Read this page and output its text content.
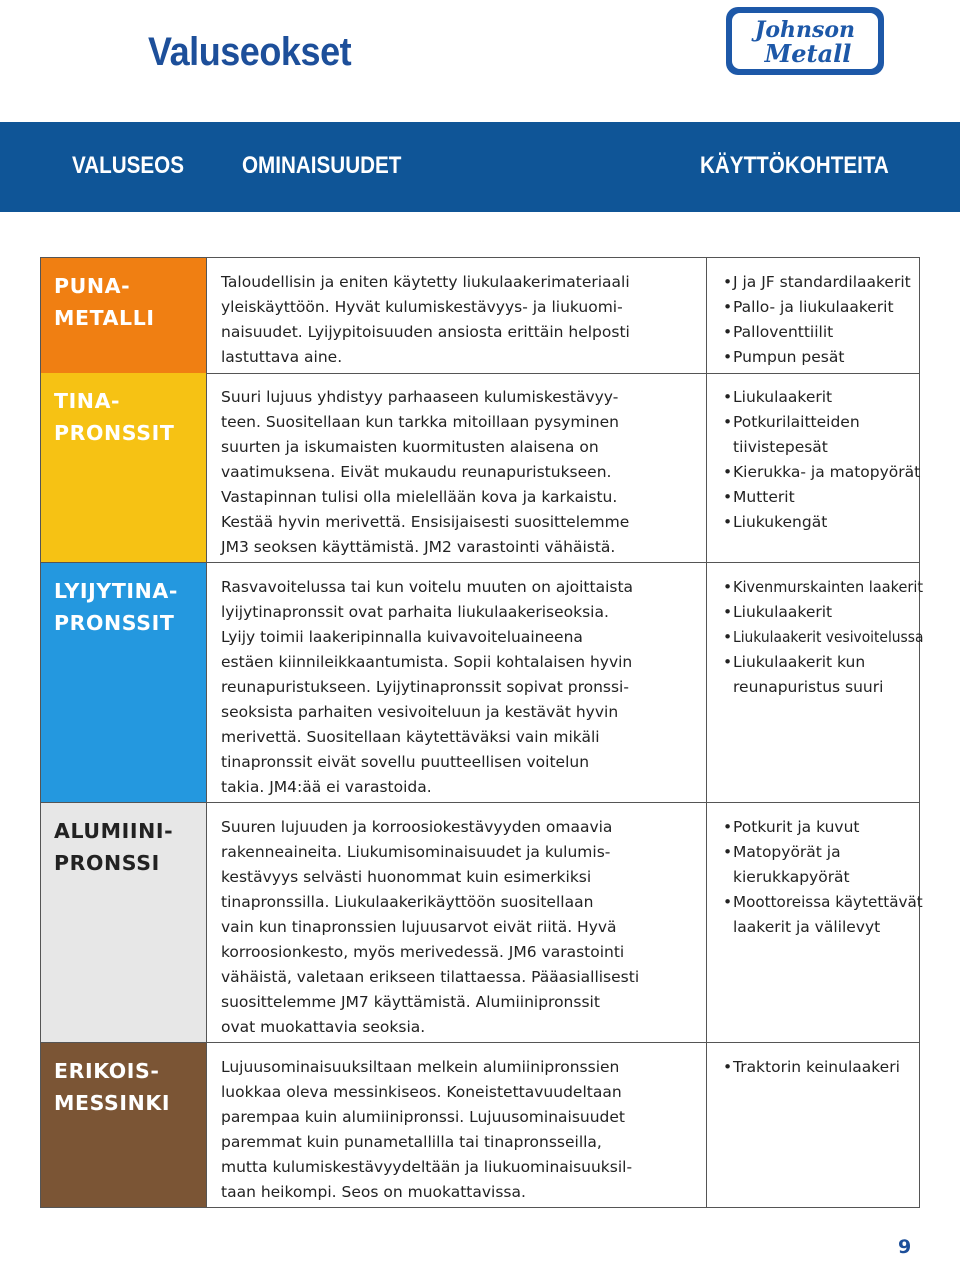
Valuseokset	Johnson
Metall
VALUSEOS OMINAISUUDET	KÄYTTÖKOHTEITA
PUNA-
METALLI
Taloudellisin ja eniten käytetty liukulaakerimateriaali
yleiskäyttöön. Hyvät kulumiskestävyys- ja liukuomi-
naisuudet. Lyijypitoisuuden ansiosta erittäin helposti
lastuttava aine.
• J ja JF standardilaakerit
• Pallo- ja liukulaakerit
• Palloventtiilit
• Pumpun pesät
TINA-
PRONSSIT
Suuri lujuus yhdistyy parhaaseen kulumiskestävyy-
teen. Suositellaan kun tarkka mitoillaan pysyminen
suurten ja iskumaisten kuormitusten alaisena on
vaatimuksena. Eivät mukaudu reunapuristukseen.
Vastapinnan tulisi olla mielellään kova ja karkaistu.
Kestää hyvin merivettä. Ensisijaisesti suosittelemme
JM3 seoksen käyttämistä. JM2 varastointi vähäistä.
• Liukulaakerit
• Potkurilaitteiden
tiivistepesät
• Kierukka- ja matopyörät
• Mutterit
• Liukukengät
LYIJYTINA-
PRONSSIT
Rasvavoitelussa tai kun voitelu muuten on ajoittaista
lyijytinapronssit ovat parhaita liukulaakeriseoksia.
Lyijy toimii laakeripinnalla kuivavoiteluaineena
estäen kiinnileikkaantumista. Sopii kohtalaisen hyvin
reunapuristukseen. Lyijytinapronssit sopivat pronssi-
seoksista parhaiten vesivoiteluun ja kestävät hyvin
merivettä. Suositellaan käytettäväksi vain mikäli
tinapronssit eivät sovellu puutteellisen voitelun
takia. JM4:ää ei varastoida.
• Kivenmurskainten laakerit
• Liukulaakerit
• Liukulaakerit vesivoitelussa
• Liukulaakerit kun
reunapuristus suuri
ALUMIINI-
PRONSSI
Suuren lujuuden ja korroosiokestävyyden omaavia
rakenneaineita. Liukumisominaisuudet ja kulumis-
kestävyys selvästi huonommat kuin esimerkiksi
tinapronssilla. Liukulaakerikäyttöön suositellaan
vain kun tinapronssien lujuusarvot eivät riitä. Hyvä
korroosionkesto, myös merivedessä. JM6 varastointi
vähäistä, valetaan erikseen tilattaessa. Pääasiallisesti
suosittelemme JM7 käyttämistä. Alumiinipronssit
ovat muokattavia seoksia.
• Potkurit ja kuvut
• Matopyörät ja
kierukkapyörät
• Moottoreissa käytettävät
laakerit ja välilevyt
ERIKOIS-
MESSINKI
Lujuusominaisuuksiltaan melkein alumiinipronssien
luokkaa oleva messinkiseos. Koneistettavuudeltaan
parempaa kuin alumiinipronssi. Lujuusominaisuudet
paremmat kuin punametallilla tai tinapronsseilla,
mutta kulumiskestävyydeltään ja liukuominaisuuksil-
taan heikompi. Seos on muokattavissa.
• Traktorin keinulaakeri
9
